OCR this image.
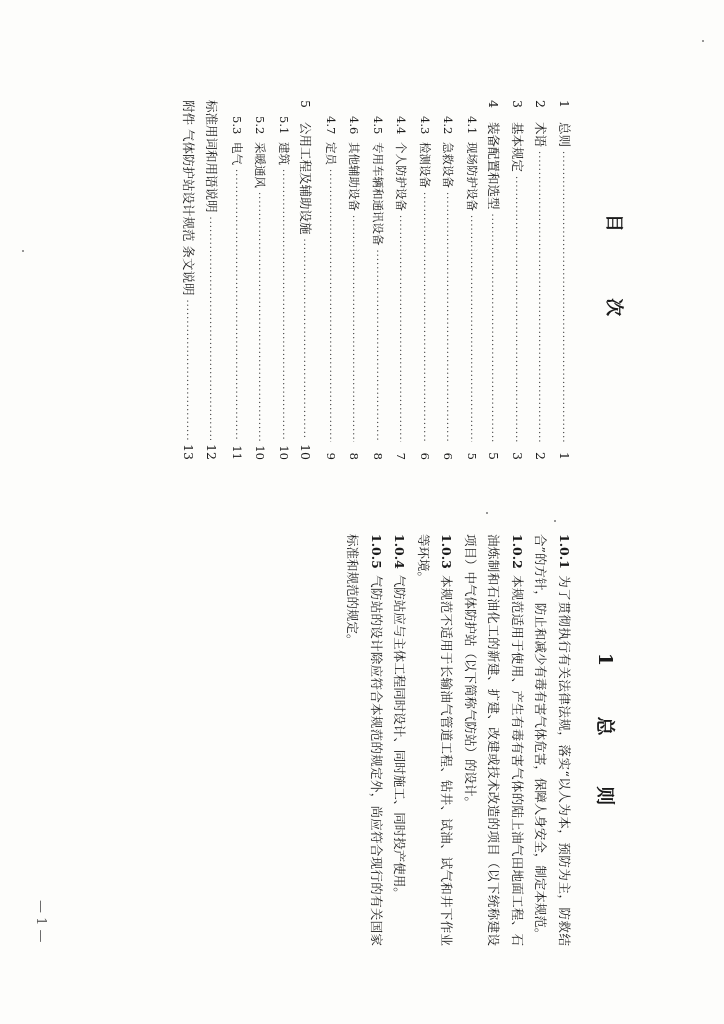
目 次
1
总则
·····
1
2
术语
·····
2
3
基本规定
·····
3
4
装备配置和选型
·····
5
4.1
现场防护设备
·····
5
4.2
急救设备
·····
6
4.3
检测设备
·····
6
4.4
个人防护设备
·····
7
4.5
专用车辆和通讯设备
·····
8
4.6
其他辅助设备
·····
8
4.7
定员
·····
9
5
公用工程及辅助设施
·····
10
5.1
建筑
·····
10
5.2
采暖通风
·····
10
5.3
电气
·····
11
标准用词和用语说明
·····
12
附件 气体防护站设计规范 条文说明
·····
13
1 总 则

1.0.1为了贯彻执行有关法律法规，落实“以人为本，预防为主，防救结合”的方针，防止和减少有毒有害气体危害，保障人身安全，制定本规范。

1.0.2本规范适用于使用、产生有毒有害气体的陆上油气田地面工程、石油炼制和石油化工的新建、扩建、改建或技术改造的项目（以下统称建设项目）中气体防护站（以下简称气防站）的设计。

1.0.3本规范不适用于长输油气管道工程、钻井、试油、试气和井下作业等环境。

1.0.4气防站应与主体工程同时设计、同时施工、同时投产使用。

1.0.5气防站的设计除应符合本规范的规定外，尚应符合现行的有关国家标准和规范的规定。

— 1 —
